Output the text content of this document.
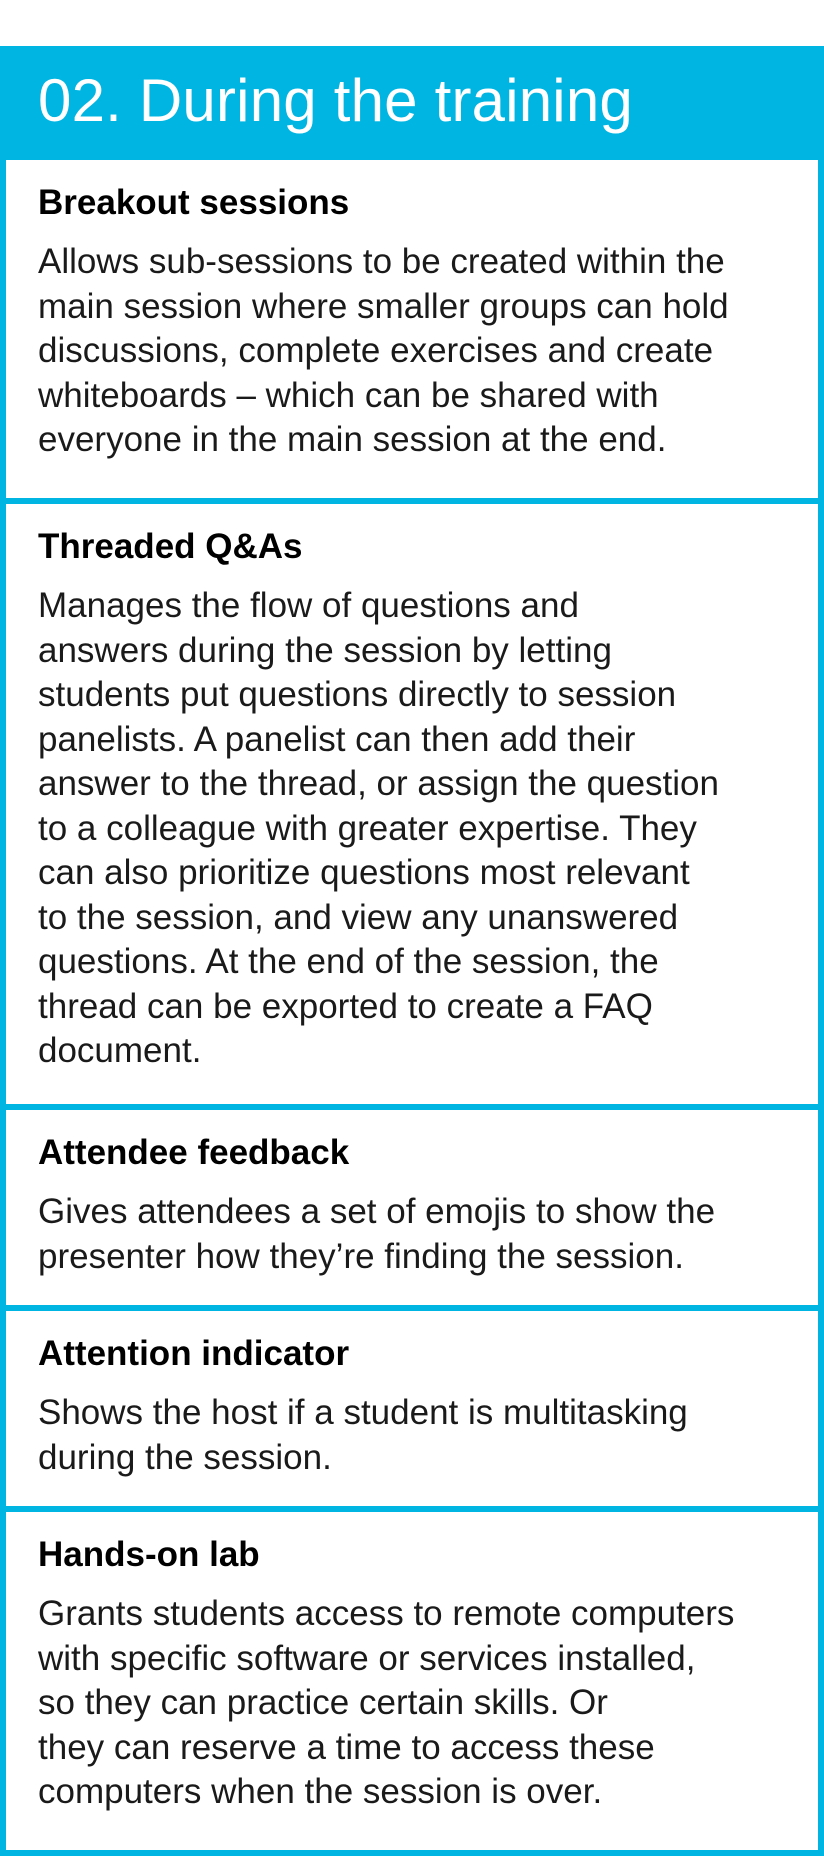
02. During the training
Breakout sessions

Allows sub-sessions to be created within the
main session where smaller groups can hold
discussions, complete exercises and create
whiteboards – which can be shared with
everyone in the main session at the end.

Threaded Q&As

Manages the flow of questions and
answers during the session by letting
students put questions directly to session
panelists. A panelist can then add their
answer to the thread, or assign the question
to a colleague with greater expertise. They
can also prioritize questions most relevant
to the session, and view any unanswered
questions. At the end of the session, the
thread can be exported to create a FAQ
document.

Attendee feedback

Gives attendees a set of emojis to show the
presenter how they’re finding the session.

Attention indicator

Shows the host if a student is multitasking
during the session.

Hands-on lab

Grants students access to remote computers
with specific software or services installed,
so they can practice certain skills. Or
they can reserve a time to access these
computers when the session is over.
